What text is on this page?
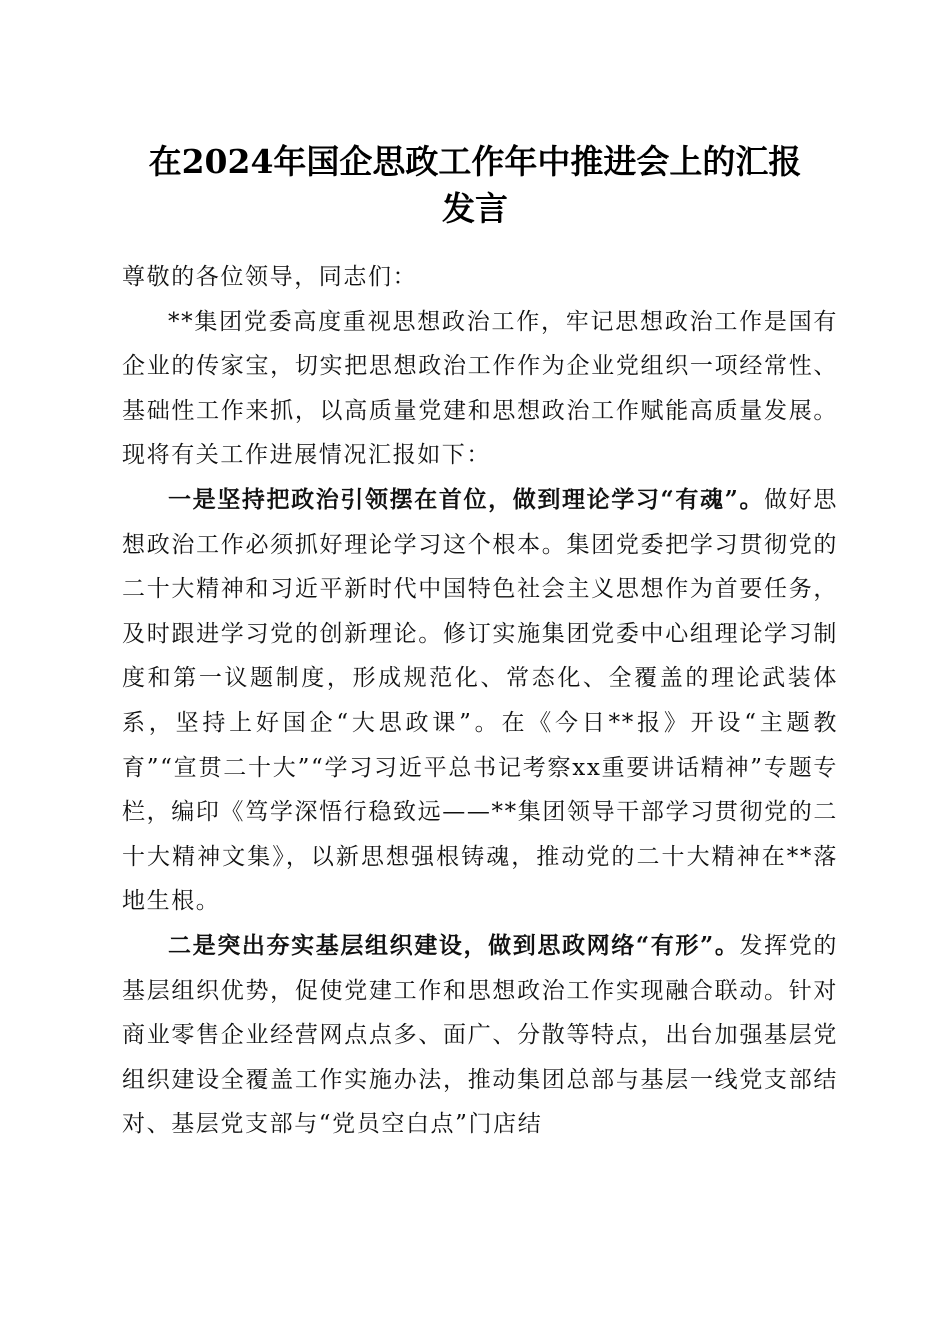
在2024年国企思政工作年中推进会上的汇报
发言

尊敬的各位领导，同志们：

**集团党委高度重视思想政治工作，牢记思想政治工作是国有企业的传家宝，切实把思想政治工作作为企业党组织一项经常性、基础性工作来抓，以高质量党建和思想政治工作赋能高质量发展。现将有关工作进展情况汇报如下：

一是坚持把政治引领摆在首位，做到理论学习“有魂”。做好思想政治工作必须抓好理论学习这个根本。集团党委把学习贯彻党的二十大精神和习近平新时代中国特色社会主义思想作为首要任务，及时跟进学习党的创新理论。修订实施集团党委中心组理论学习制度和第一议题制度，形成规范化、常态化、全覆盖的理论武装体系，坚持上好国企“大思政课”。在《今日**报》开设“主题教育”“宣贯二十大”“学习习近平总书记考察xx重要讲话精神”专题专栏，编印《笃学深悟行稳致远——**集团领导干部学习贯彻党的二十大精神文集》，以新思想强根铸魂，推动党的二十大精神在**落地生根。

二是突出夯实基层组织建设，做到思政网络“有形”。发挥党的基层组织优势，促使党建工作和思想政治工作实现融合联动。针对商业零售企业经营网点点多、面广、分散等特点，出台加强基层党组织建设全覆盖工作实施办法，推动集团总部与基层一线党支部结对、基层党支部与“党员空白点”门店结
